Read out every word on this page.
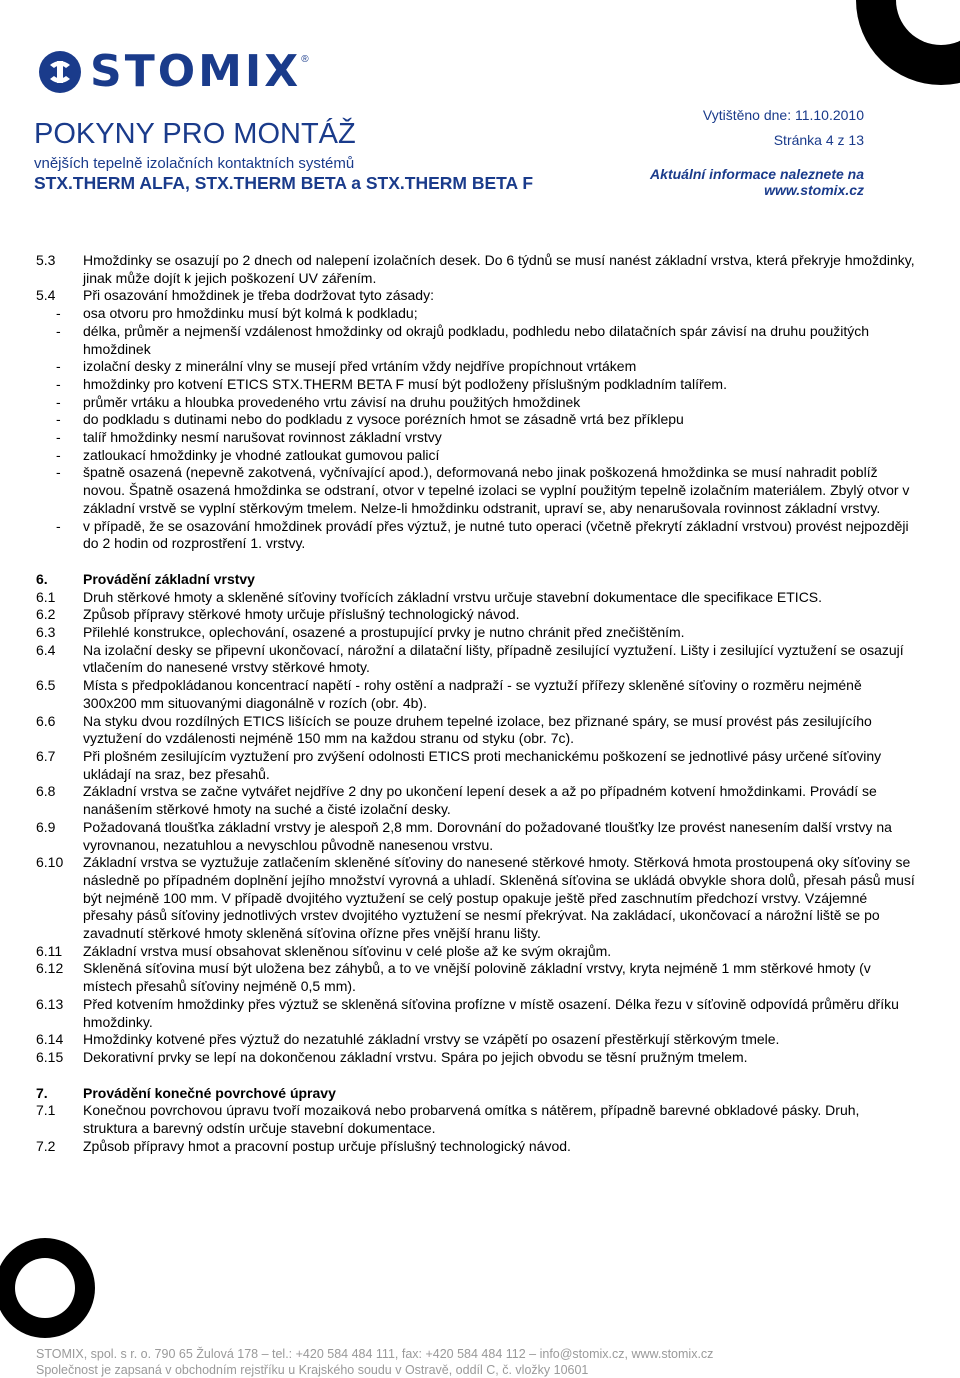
STOMIX ®
POKYNY PRO MONTÁŽ
vnějších tepelně izolačních kontaktních systémů
STX.THERM ALFA, STX.THERM BETA a STX.THERM BETA F
Vytištěno dne: 11.10.2010
Stránka 4 z 13
Aktuální informace naleznete na
www.stomix.cz
5.3	Hmoždinky se osazují po 2 dnech od nalepení izolačních desek. Do 6 týdnů se musí nanést základní vrstva, která překryje hmoždinky, jinak může dojít k jejich poškození UV zářením.
5.4	Při osazování hmoždinek je třeba dodržovat tyto zásady:
-	osa otvoru pro hmoždinku musí být kolmá k podkladu;
-	délka, průměr a nejmenší vzdálenost hmoždinky od okrajů podkladu, podhledu nebo dilatačních spár závisí na druhu použitých hmoždinek
-	izolační desky z minerální vlny se musejí před vrtáním vždy nejdříve propíchnout vrtákem
-	hmoždinky pro kotvení ETICS STX.THERM BETA F musí být podloženy příslušným podkladním talířem.
-	průměr vrtáku a hloubka provedeného vrtu závisí na druhu použitých hmoždinek
-	do podkladu s dutinami nebo do podkladu z vysoce porézních hmot se zásadně vrtá bez příklepu
-	talíř hmoždinky nesmí narušovat rovinnost základní vrstvy
-	zatloukací hmoždinky je vhodné zatloukat gumovou palicí
-	špatně osazená (nepevně zakotvená, vyčnívající apod.), deformovaná nebo jinak poškozená hmoždinka se musí nahradit poblíž novou. Špatně osazená hmoždinka se odstraní, otvor v tepelné izolaci se vyplní použitým tepelně izolačním materiálem. Zbylý otvor v základní vrstvě se vyplní stěrkovým tmelem. Nelze-li hmoždinku odstranit, upraví se, aby nenarušovala rovinnost základní vrstvy.
-	v případě, že se osazování hmoždinek provádí přes výztuž, je nutné tuto operaci (včetně překrytí základní vrstvou) provést nejpozději do 2 hodin od rozprostření 1. vrstvy.
6.	Provádění základní vrstvy
6.1	Druh stěrkové hmoty a skleněné síťoviny tvořících základní vrstvu určuje stavební dokumentace dle specifikace ETICS.
6.2	Způsob přípravy stěrkové hmoty určuje příslušný technologický návod.
6.3	Přilehlé konstrukce, oplechování, osazené a prostupující prvky je nutno chránit před znečištěním.
6.4	Na izolační desky se připevní ukončovací, nárožní a dilatační lišty, případně zesilující vyztužení. Lišty i zesilující vyztužení se osazují vtlačením do nanesené vrstvy stěrkové hmoty.
6.5	Místa s předpokládanou koncentrací napětí - rohy ostění a nadpraží - se vyztuží přířezy skleněné síťoviny o rozměru nejméně 300x200 mm situovanými diagonálně v rozích (obr. 4b).
6.6	Na styku dvou rozdílných ETICS lišících se pouze druhem tepelné izolace, bez přiznané spáry, se musí provést pás zesilujícího vyztužení do vzdálenosti nejméně 150 mm na každou stranu od styku (obr. 7c).
6.7	Při plošném zesilujícím vyztužení pro zvýšení odolnosti ETICS proti mechanickému poškození se jednotlivé pásy určené síťoviny ukládají na sraz, bez přesahů.
6.8	Základní vrstva se začne vytvářet nejdříve 2 dny po ukončení lepení desek a až po případném kotvení hmoždinkami. Provádí se nanášením stěrkové hmoty na suché a čisté izolační desky.
6.9	Požadovaná tloušťka základní vrstvy je alespoň 2,8 mm. Dorovnání do požadované tloušťky lze provést nanesením další vrstvy na vyrovnanou, nezatuhlou a nevyschlou původně nanesenou vrstvu.
6.10	Základní vrstva se vyztužuje zatlačením skleněné síťoviny do nanesené stěrkové hmoty. Stěrková hmota prostoupená oky síťoviny se následně po případném doplnění jejího množství vyrovná a uhladí. Skleněná síťovina se ukládá obvykle shora dolů, přesah pásů musí být nejméně 100 mm. V případě dvojitého vyztužení se celý postup opakuje ještě před zaschnutím předchozí vrstvy. Vzájemné přesahy pásů síťoviny jednotlivých vrstev dvojitého vyztužení se nesmí překrývat. Na zakládací, ukončovací a nárožní liště se po zavadnutí stěrkové hmoty skleněná síťovina ořízne přes vnější hranu lišty.
6.11	Základní vrstva musí obsahovat skleněnou síťovinu v celé ploše až ke svým okrajům.
6.12	Skleněná síťovina musí být uložena bez záhybů, a to ve vnější polovině základní vrstvy, kryta nejméně 1 mm stěrkové hmoty (v místech přesahů síťoviny nejméně 0,5 mm).
6.13	Před kotvením hmoždinky přes výztuž se skleněná síťovina profízne v místě osazení. Délka řezu v síťovině odpovídá průměru dříku hmoždinky.
6.14	Hmoždinky kotvené přes výztuž do nezatuhlé základní vrstvy se vzápětí po osazení přestěrkují stěrkovým tmele.
6.15	Dekorativní prvky se lepí na dokončenou základní vrstvu. Spára po jejich obvodu se těsní pružným tmelem.
7.	Provádění konečné povrchové úpravy
7.1	Konečnou povrchovou úpravu tvoří mozaiková nebo probarvená omítka s nátěrem, případně barevné obkladové pásky. Druh, struktura a barevný odstín určuje stavební dokumentace.
7.2	Způsob přípravy hmot a pracovní postup určuje příslušný technologický návod.
STOMIX, spol. s r. o. 790 65 Žulová 178 – tel.: +420 584 484 111, fax: +420 584 484 112 – info@stomix.cz, www.stomix.cz
Společnost je zapsaná v obchodním rejstříku u Krajského soudu v Ostravě, oddíl C, č. vložky 10601
